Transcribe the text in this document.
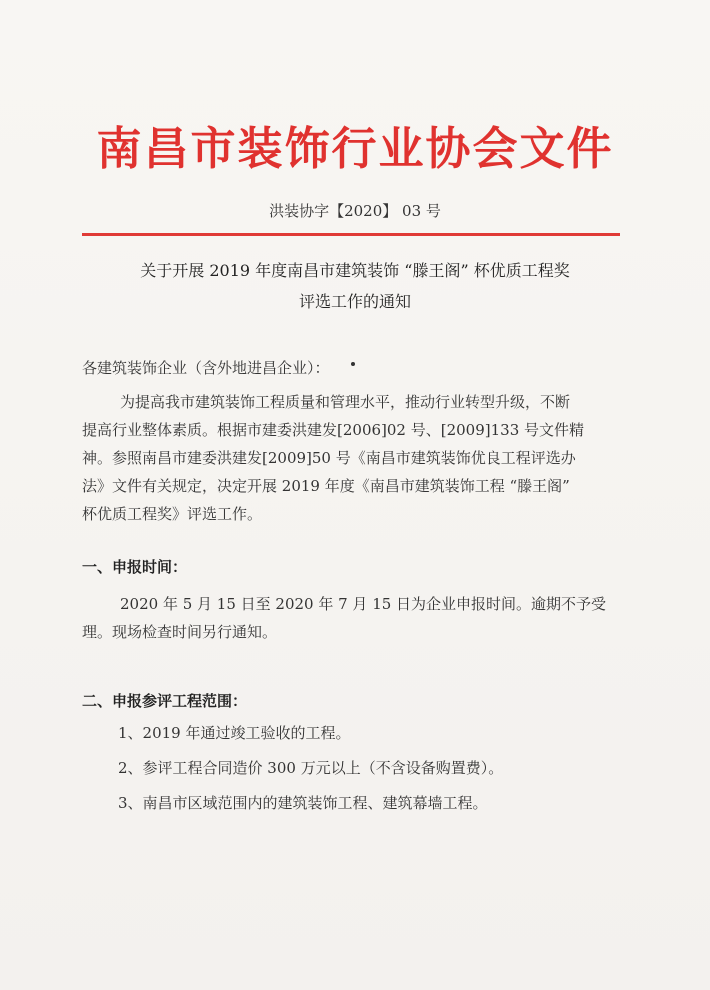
南昌市装饰行业协会文件
洪装协字【2020】 03 号
关于开展 2019 年度南昌市建筑装饰 “滕王阁” 杯优质工程奖
评选工作的通知
各建筑装饰企业（含外地进昌企业）：
为提高我市建筑装饰工程质量和管理水平，推动行业转型升级，不断
提高行业整体素质。根据市建委洪建发[2006]02 号、[2009]133 号文件精
神。参照南昌市建委洪建发[2009]50 号《南昌市建筑装饰优良工程评选办
法》文件有关规定，决定开展 2019 年度《南昌市建筑装饰工程 “滕王阁”
杯优质工程奖》评选工作。
一、申报时间：
2020 年 5 月 15 日至 2020 年 7 月 15 日为企业申报时间。逾期不予受
理。现场检查时间另行通知。
二、申报参评工程范围：
1、2019 年通过竣工验收的工程。
2、参评工程合同造价 300 万元以上（不含设备购置费）。
3、南昌市区域范围内的建筑装饰工程、建筑幕墙工程。
